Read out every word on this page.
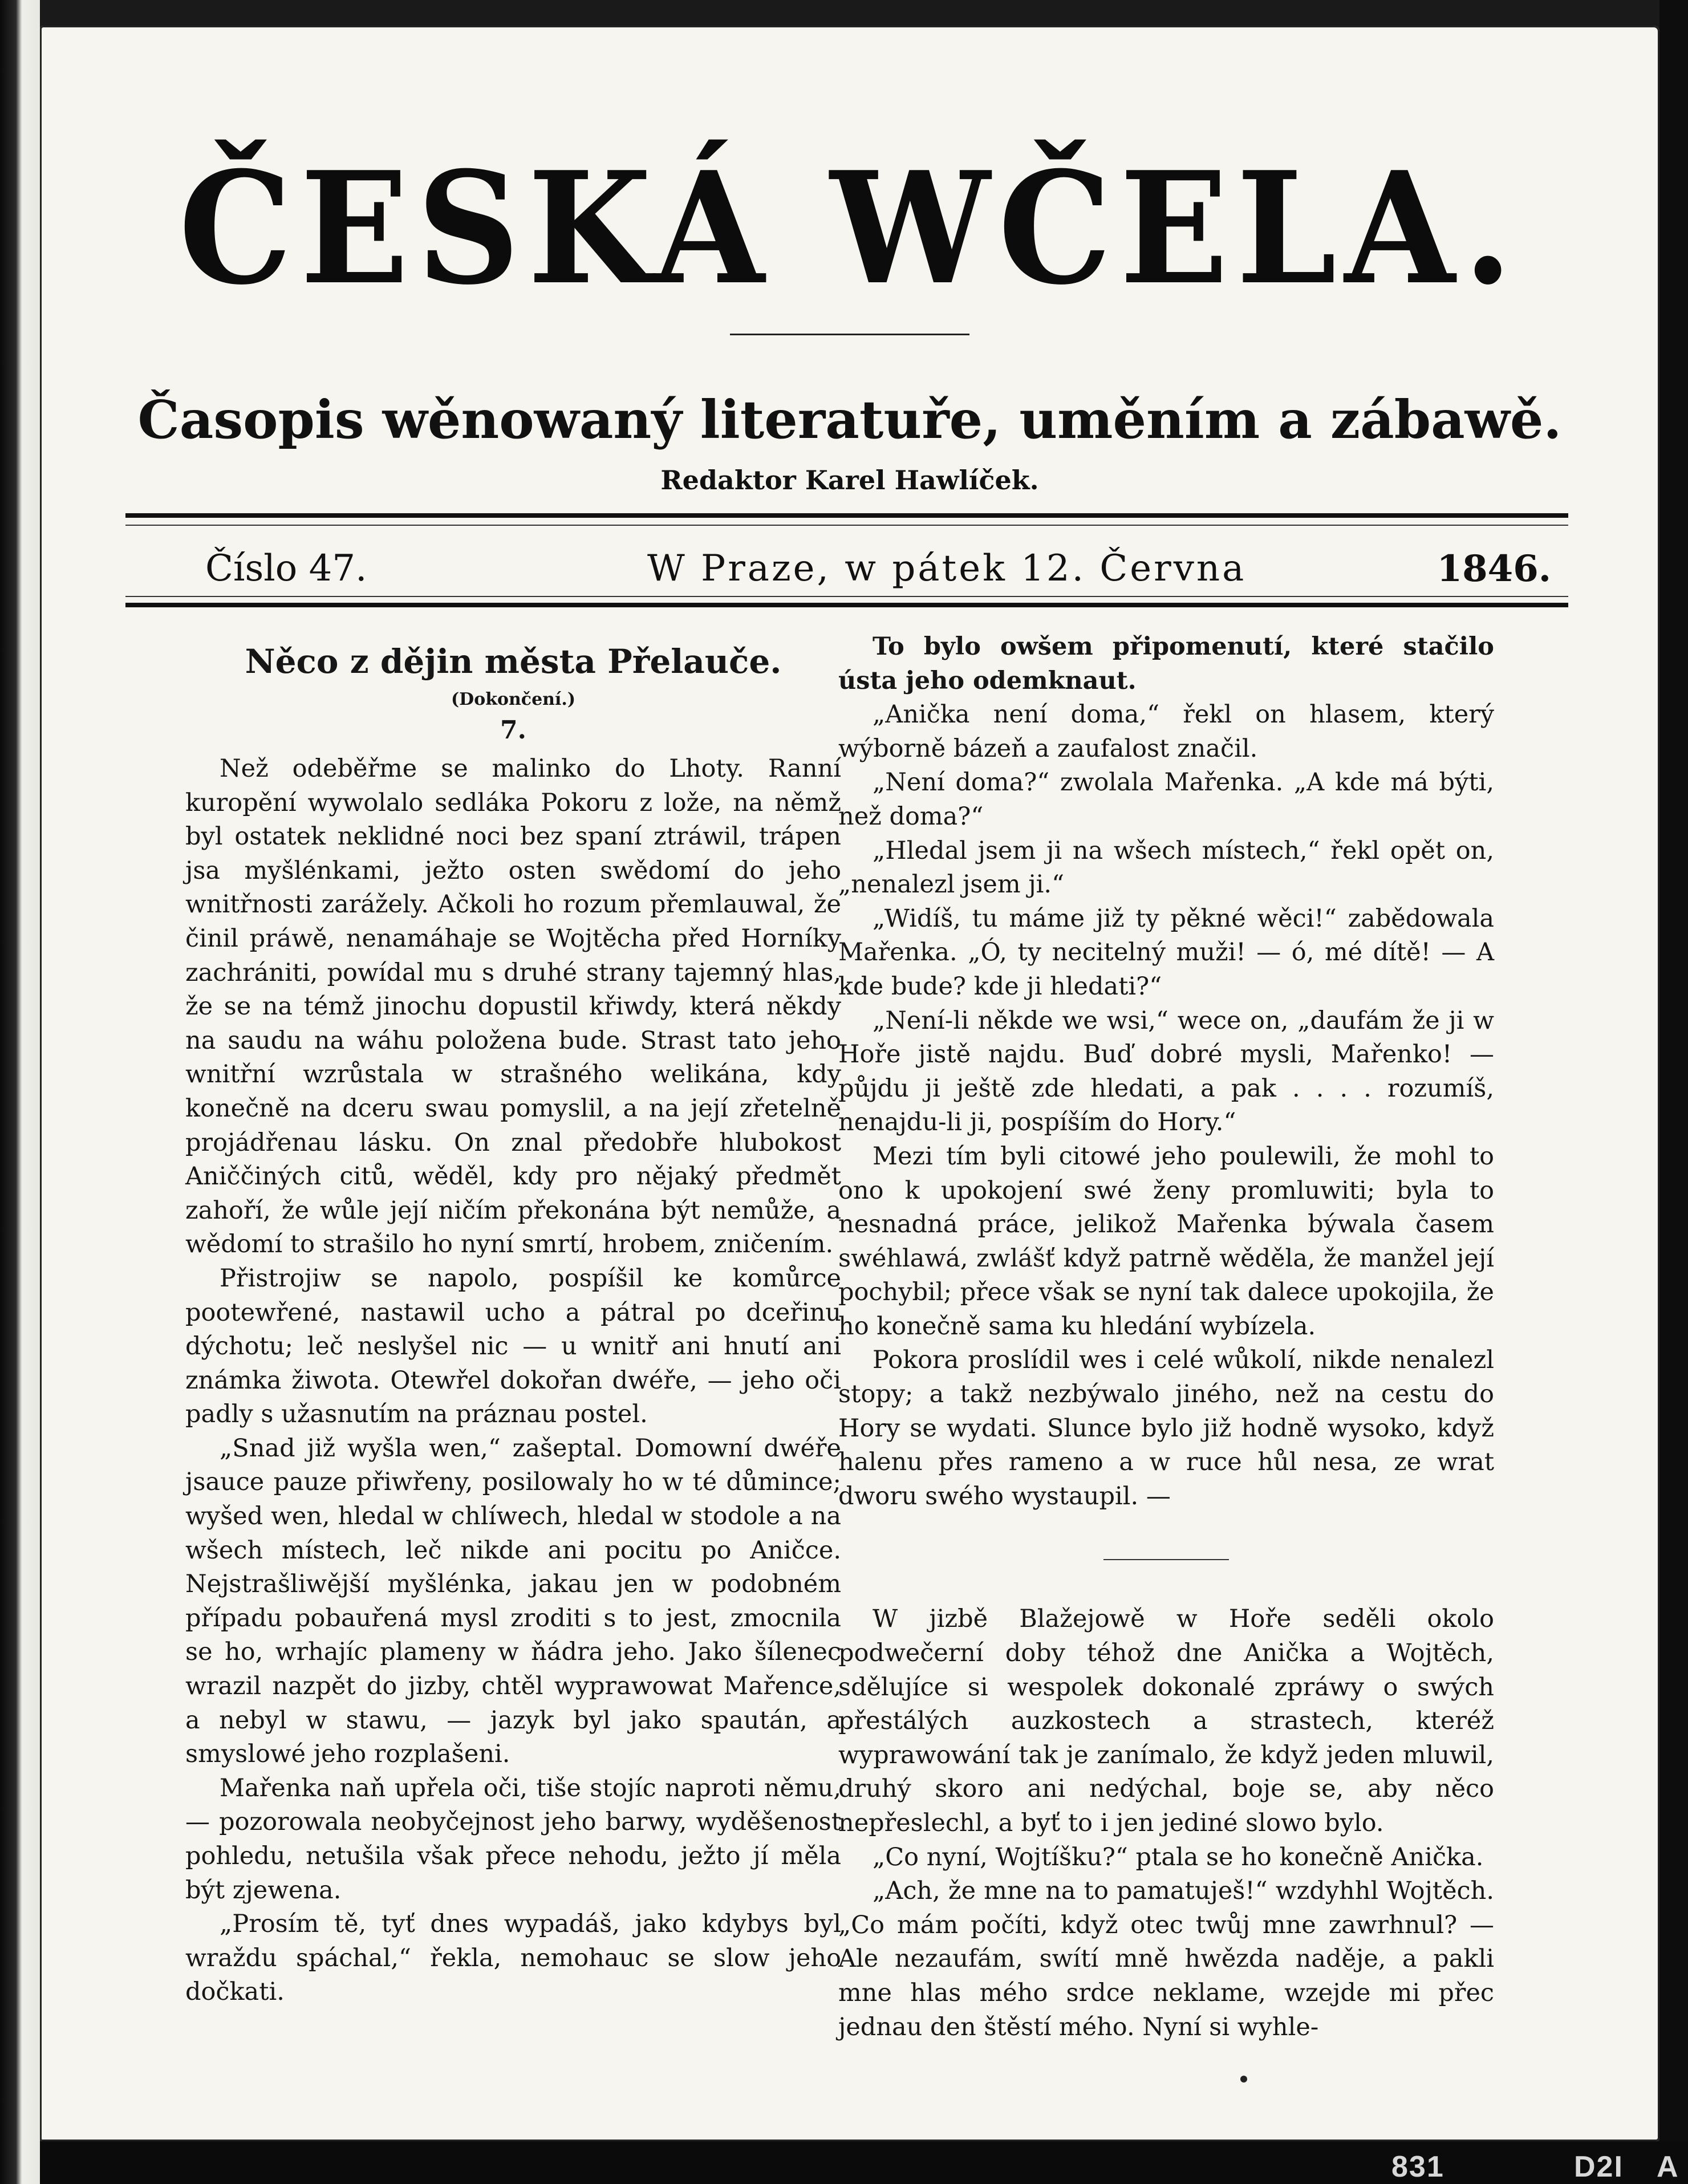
ČESKÁ WČELA.
Časopis wěnowaný literatuře, uměním a zábawě.
Redaktor Karel Hawlíček.
Číslo 47.	W Praze, w pátek 12. Června	1846.
Něco z dějin města Přelauče.
(Dokončení.)
7.

Než odeběřme se malinko do Lhoty. Ranní kuropění wywolalo sedláka Pokoru z lože, na němž byl ostatek neklidné noci bez spaní ztráwil, trápen jsa myšlénkami, ježto osten swědomí do jeho wnitřnosti zarážely. Ačkoli ho rozum přemlauwal, že činil práwě, nenamáhaje se Wojtěcha před Horníky zachrániti, powídal mu s druhé strany tajemný hlas, že se na témž jinochu dopustil křiwdy, která někdy na saudu na wáhu položena bude. Strast tato jeho wnitřní wzrůstala w strašného welikána, kdy konečně na dceru swau pomyslil, a na její zřetelně projádřenau lásku. On znal předobře hlubokost Aniččiných citů, wěděl, kdy pro nějaký předmět zahoří, že wůle její ničím překonána být nemůže, a wědomí to strašilo ho nyní smrtí, hrobem, zničením.

Přistrojiw se napolo, pospíšil ke komůrce pootewřené, nastawil ucho a pátral po dceřinu dýchotu; leč neslyšel nic — u wnitř ani hnutí ani známka žiwota. Otewřel dokořan dwéře, — jeho oči padly s užasnutím na práznau postel.

„Snad již wyšla wen,“ zašeptal. Domowní dwéře jsauce pauze přiwřeny, posilowaly ho w té důmince; wyšed wen, hledal w chlíwech, hledal w stodole a na wšech místech, leč nikde ani pocitu po Aničce. Nejstrašliwější myšlénka, jakau jen w podobném případu pobauřená mysl zroditi s to jest, zmocnila se ho, wrhajíc plameny w ňádra jeho. Jako šílenec wrazil nazpět do jizby, chtěl wyprawowat Mařence, a nebyl w stawu, — jazyk byl jako spaután, a smyslowé jeho rozplašeni.

Mařenka naň upřela oči, tiše stojíc naproti němu, — pozorowala neobyčejnost jeho barwy, wyděšenost pohledu, netušila však přece nehodu, ježto jí měla být zjewena.

„Prosím tě, tyť dnes wypadáš, jako kdybys byl wraždu spáchal,“ řekla, nemohauc se slow jeho dočkati.

To bylo owšem připomenutí, které stačilo ústa jeho odemknaut.

„Anička není doma,“ řekl on hlasem, který wýborně bázeň a zaufalost značil.

„Není doma?“ zwolala Mařenka. „A kde má býti, než doma?“

„Hledal jsem ji na wšech místech,“ řekl opět on, „nenalezl jsem ji.“

„Widíš, tu máme již ty pěkné wěci!“ zabědowala Mařenka. „Ó, ty necitelný muži! — ó, mé dítě! — A kde bude? kde ji hledati?“

„Není-li někde we wsi,“ wece on, „daufám že ji w Hoře jistě najdu. Buď dobré mysli, Mařenko! — půjdu ji ještě zde hledati, a pak . . . . rozumíš, nenajdu-li ji, pospíším do Hory.“

Mezi tím byli citowé jeho poulewili, že mohl to ono k upokojení swé ženy promluwiti; byla to nesnadná práce, jelikož Mařenka býwala časem swéhlawá, zwlášť když patrně wěděla, že manžel její pochybil; přece však se nyní tak dalece upokojila, že ho konečně sama ku hledání wybízela.

Pokora proslídil wes i celé wůkolí, nikde nenalezl stopy; a takž nezbýwalo jiného, než na cestu do Hory se wydati. Slunce bylo již hodně wysoko, když halenu přes rameno a w ruce hůl nesa, ze wrat dworu swého wystaupil. —

W jizbě Blažejowě w Hoře seděli okolo podwečerní doby téhož dne Anička a Wojtěch, sdělujíce si wespolek dokonalé zpráwy o swých přestálých auzkostech a strastech, kteréž wyprawowání tak je zanímalo, že když jeden mluwil, druhý skoro ani nedýchal, boje se, aby něco nepřeslechl, a byť to i jen jediné slowo bylo.

„Co nyní, Wojtíšku?“ ptala se ho konečně Anička.

„Ach, že mne na to pamatuješ!“ wzdyhhl Wojtěch. „Co mám počíti, když otec twůj mne zawrhnul? — Ale nezaufám, swítí mně hwězda naděje, a pakli mne hlas mého srdce neklame, wzejde mi přec jednau den štěstí mého. Nyní si wyhle-

831	D2I A
